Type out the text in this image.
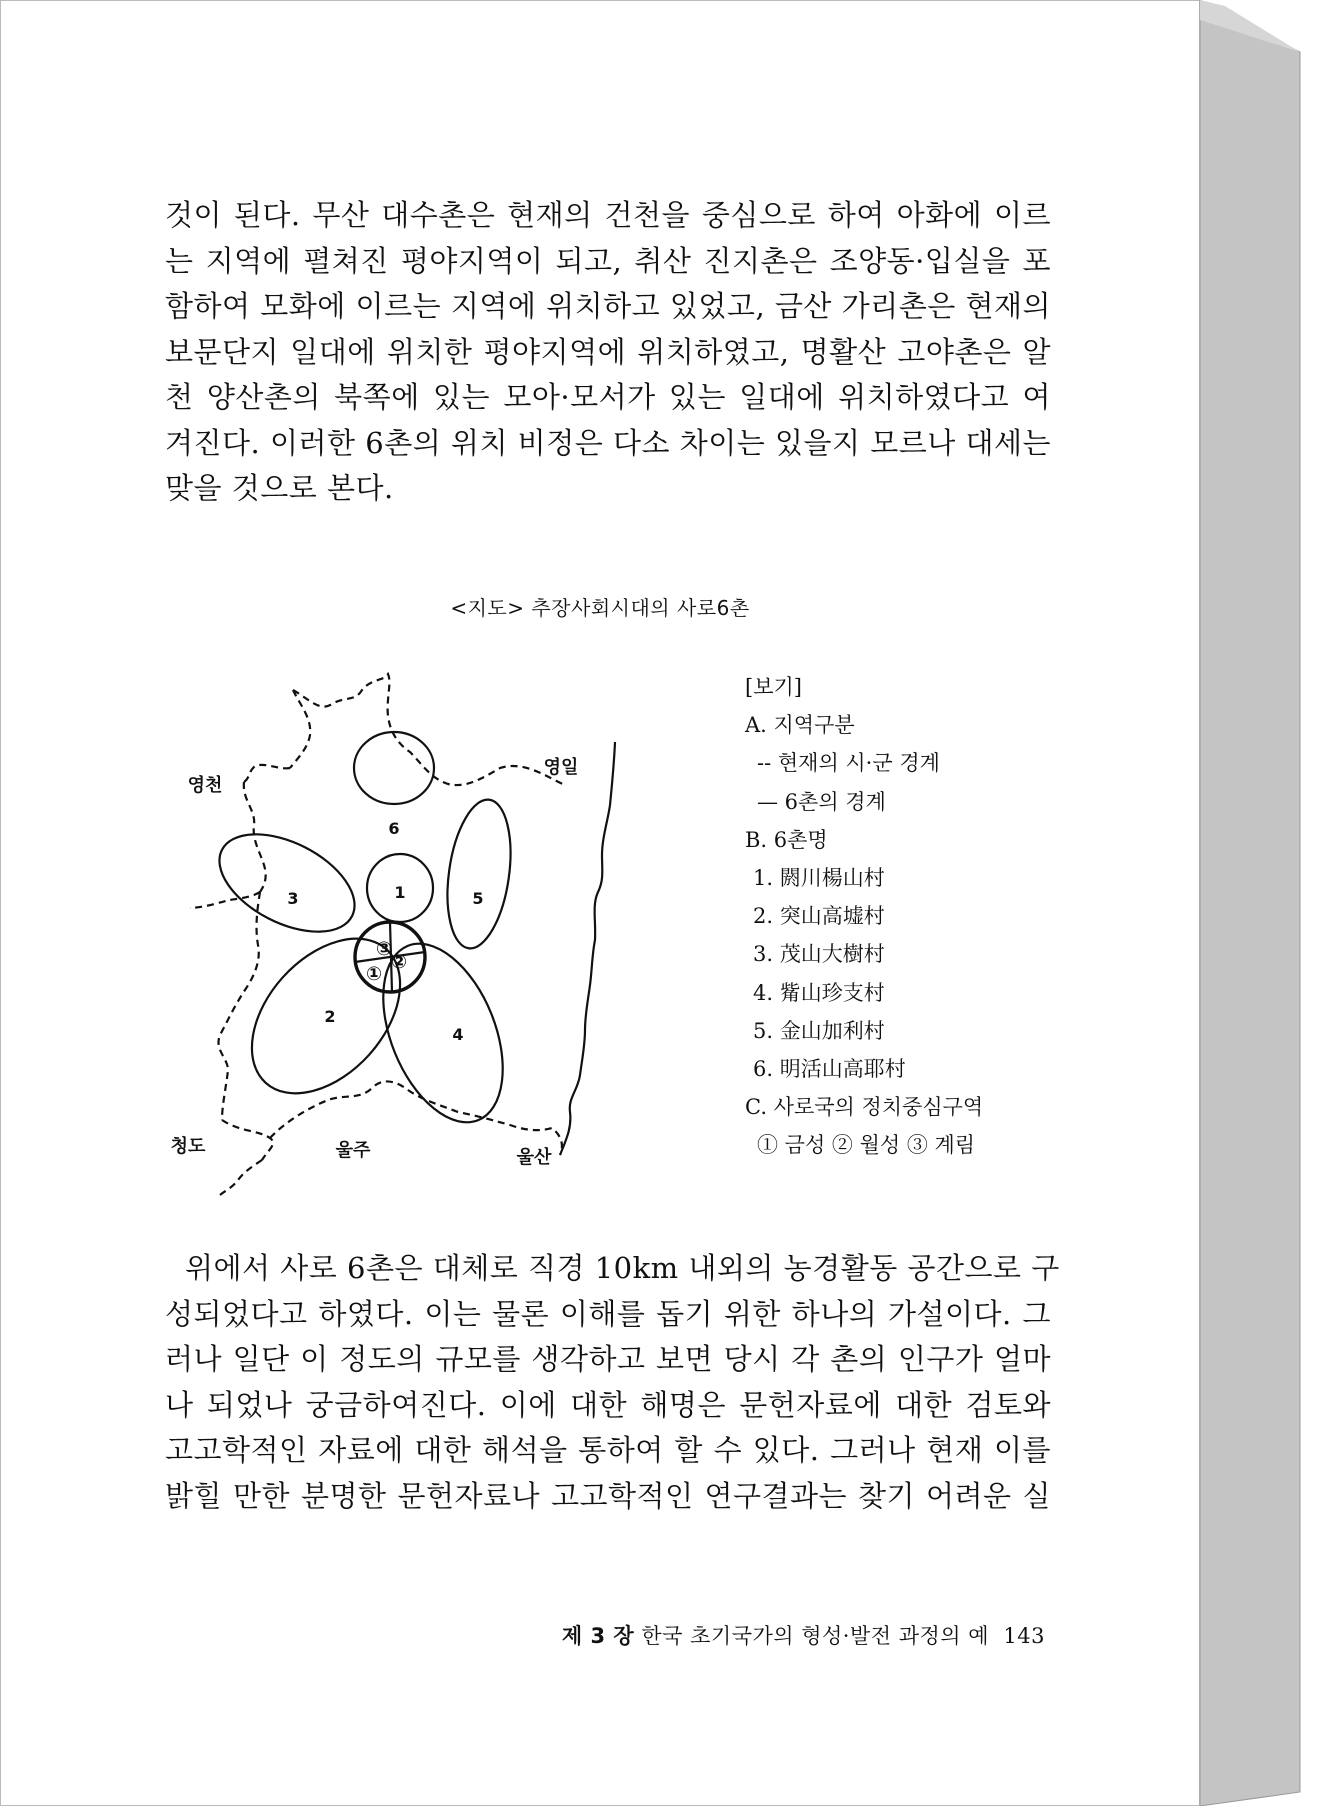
것이 된다. 무산 대수촌은 현재의 건천을 중심으로 하여 아화에 이르
는 지역에 펼쳐진 평야지역이 되고, 취산 진지촌은 조양동·입실을 포
함하여 모화에 이르는 지역에 위치하고 있었고, 금산 가리촌은 현재의
보문단지 일대에 위치한 평야지역에 위치하였고, 명활산 고야촌은 알
천 양산촌의 북쪽에 있는 모아·모서가 있는 일대에 위치하였다고 여
겨진다. 이러한 6촌의 위치 비정은 다소 차이는 있을지 모르나 대세는
맞을 것으로 본다.
<지도> 추장사회시대의 사로6촌
6
1	5
3
2
4
③
②
①
영천
영일
청도	울주	울산
[보기]
A. 지역구분
-- 현재의 시·군 경계
— 6촌의 경계
B. 6촌명
1. 閼川楊山村
2. 突山高墟村
3. 茂山大樹村
4. 觜山珍支村
5. 金山加利村
6. 明活山高耶村
C. 사로국의 정치중심구역
① 금성 ② 월성 ③ 계림
위에서 사로 6촌은 대체로 직경 10km 내외의 농경활동 공간으로 구
성되었다고 하였다. 이는 물론 이해를 돕기 위한 하나의 가설이다. 그
러나 일단 이 정도의 규모를 생각하고 보면 당시 각 촌의 인구가 얼마
나 되었나 궁금하여진다. 이에 대한 해명은 문헌자료에 대한 검토와
고고학적인 자료에 대한 해석을 통하여 할 수 있다. 그러나 현재 이를
밝힐 만한 분명한 문헌자료나 고고학적인 연구결과는 찾기 어려운 실
제 3 장 한국 초기국가의 형성·발전 과정의 예 143
